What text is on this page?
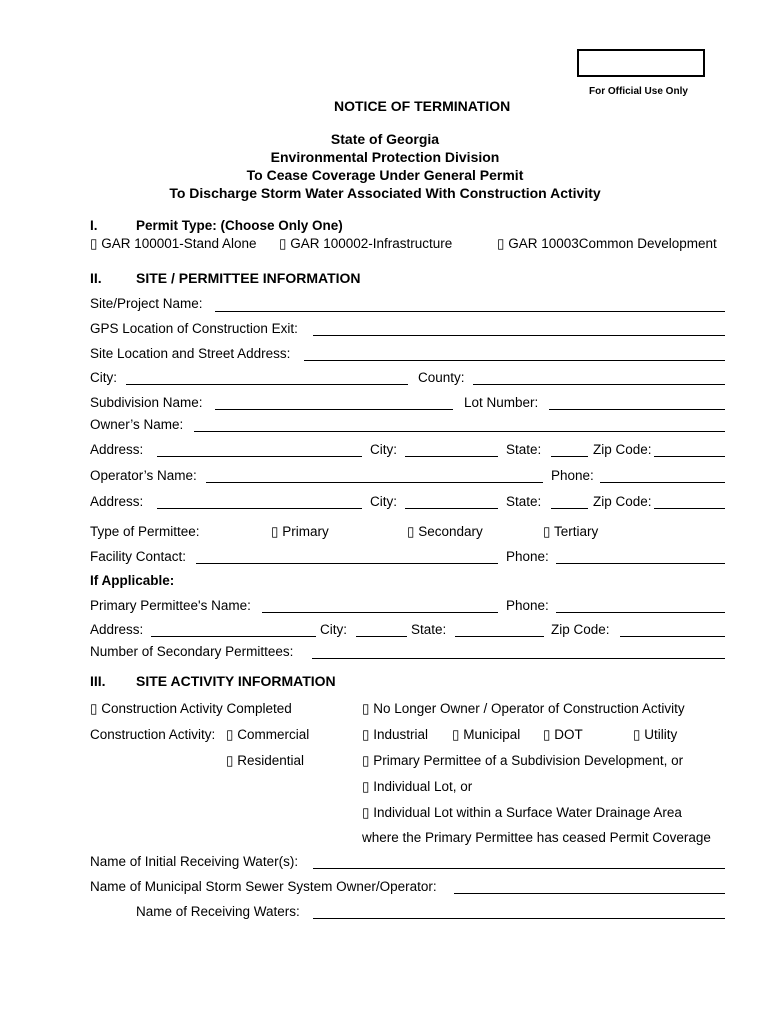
For Official Use Only
NOTICE OF TERMINATION
State of Georgia
Environmental Protection Division
To Cease Coverage Under General Permit
To Discharge Storm Water Associated With Construction Activity
I.	Permit Type: (Choose Only One)
▯ GAR 100001-Stand Alone ▯ GAR 100002-Infrastructure	▯ GAR 10003Common Development
II. SITE / PERMITTEE INFORMATION
Site/Project Name:
GPS Location of Construction Exit:
Site Location and Street Address:
City:	County:
Subdivision Name:	Lot Number:
Owner’s Name:
Address:	City:	State:	Zip Code:
Operator’s Name:	Phone:
Address:	City:	State:	Zip Code:
Type of Permittee:	▯ Primary	▯ Secondary	▯ Tertiary
Facility Contact:	Phone:
If Applicable:
Primary Permittee's Name:	Phone:
Address:	City:	State:	Zip Code:
Number of Secondary Permittees:
III. SITE ACTIVITY INFORMATION
▯ Construction Activity Completed	▯ No Longer Owner / Operator of Construction Activity
Construction Activity: ▯ Commercial	▯ Industrial ▯ Municipal ▯ DOT	▯ Utility
▯ Residential	▯ Primary Permittee of a Subdivision Development, or
▯ Individual Lot, or
▯ Individual Lot within a Surface Water Drainage Area
where the Primary Permittee has ceased Permit Coverage
Name of Initial Receiving Water(s):
Name of Municipal Storm Sewer System Owner/Operator:
Name of Receiving Waters:
